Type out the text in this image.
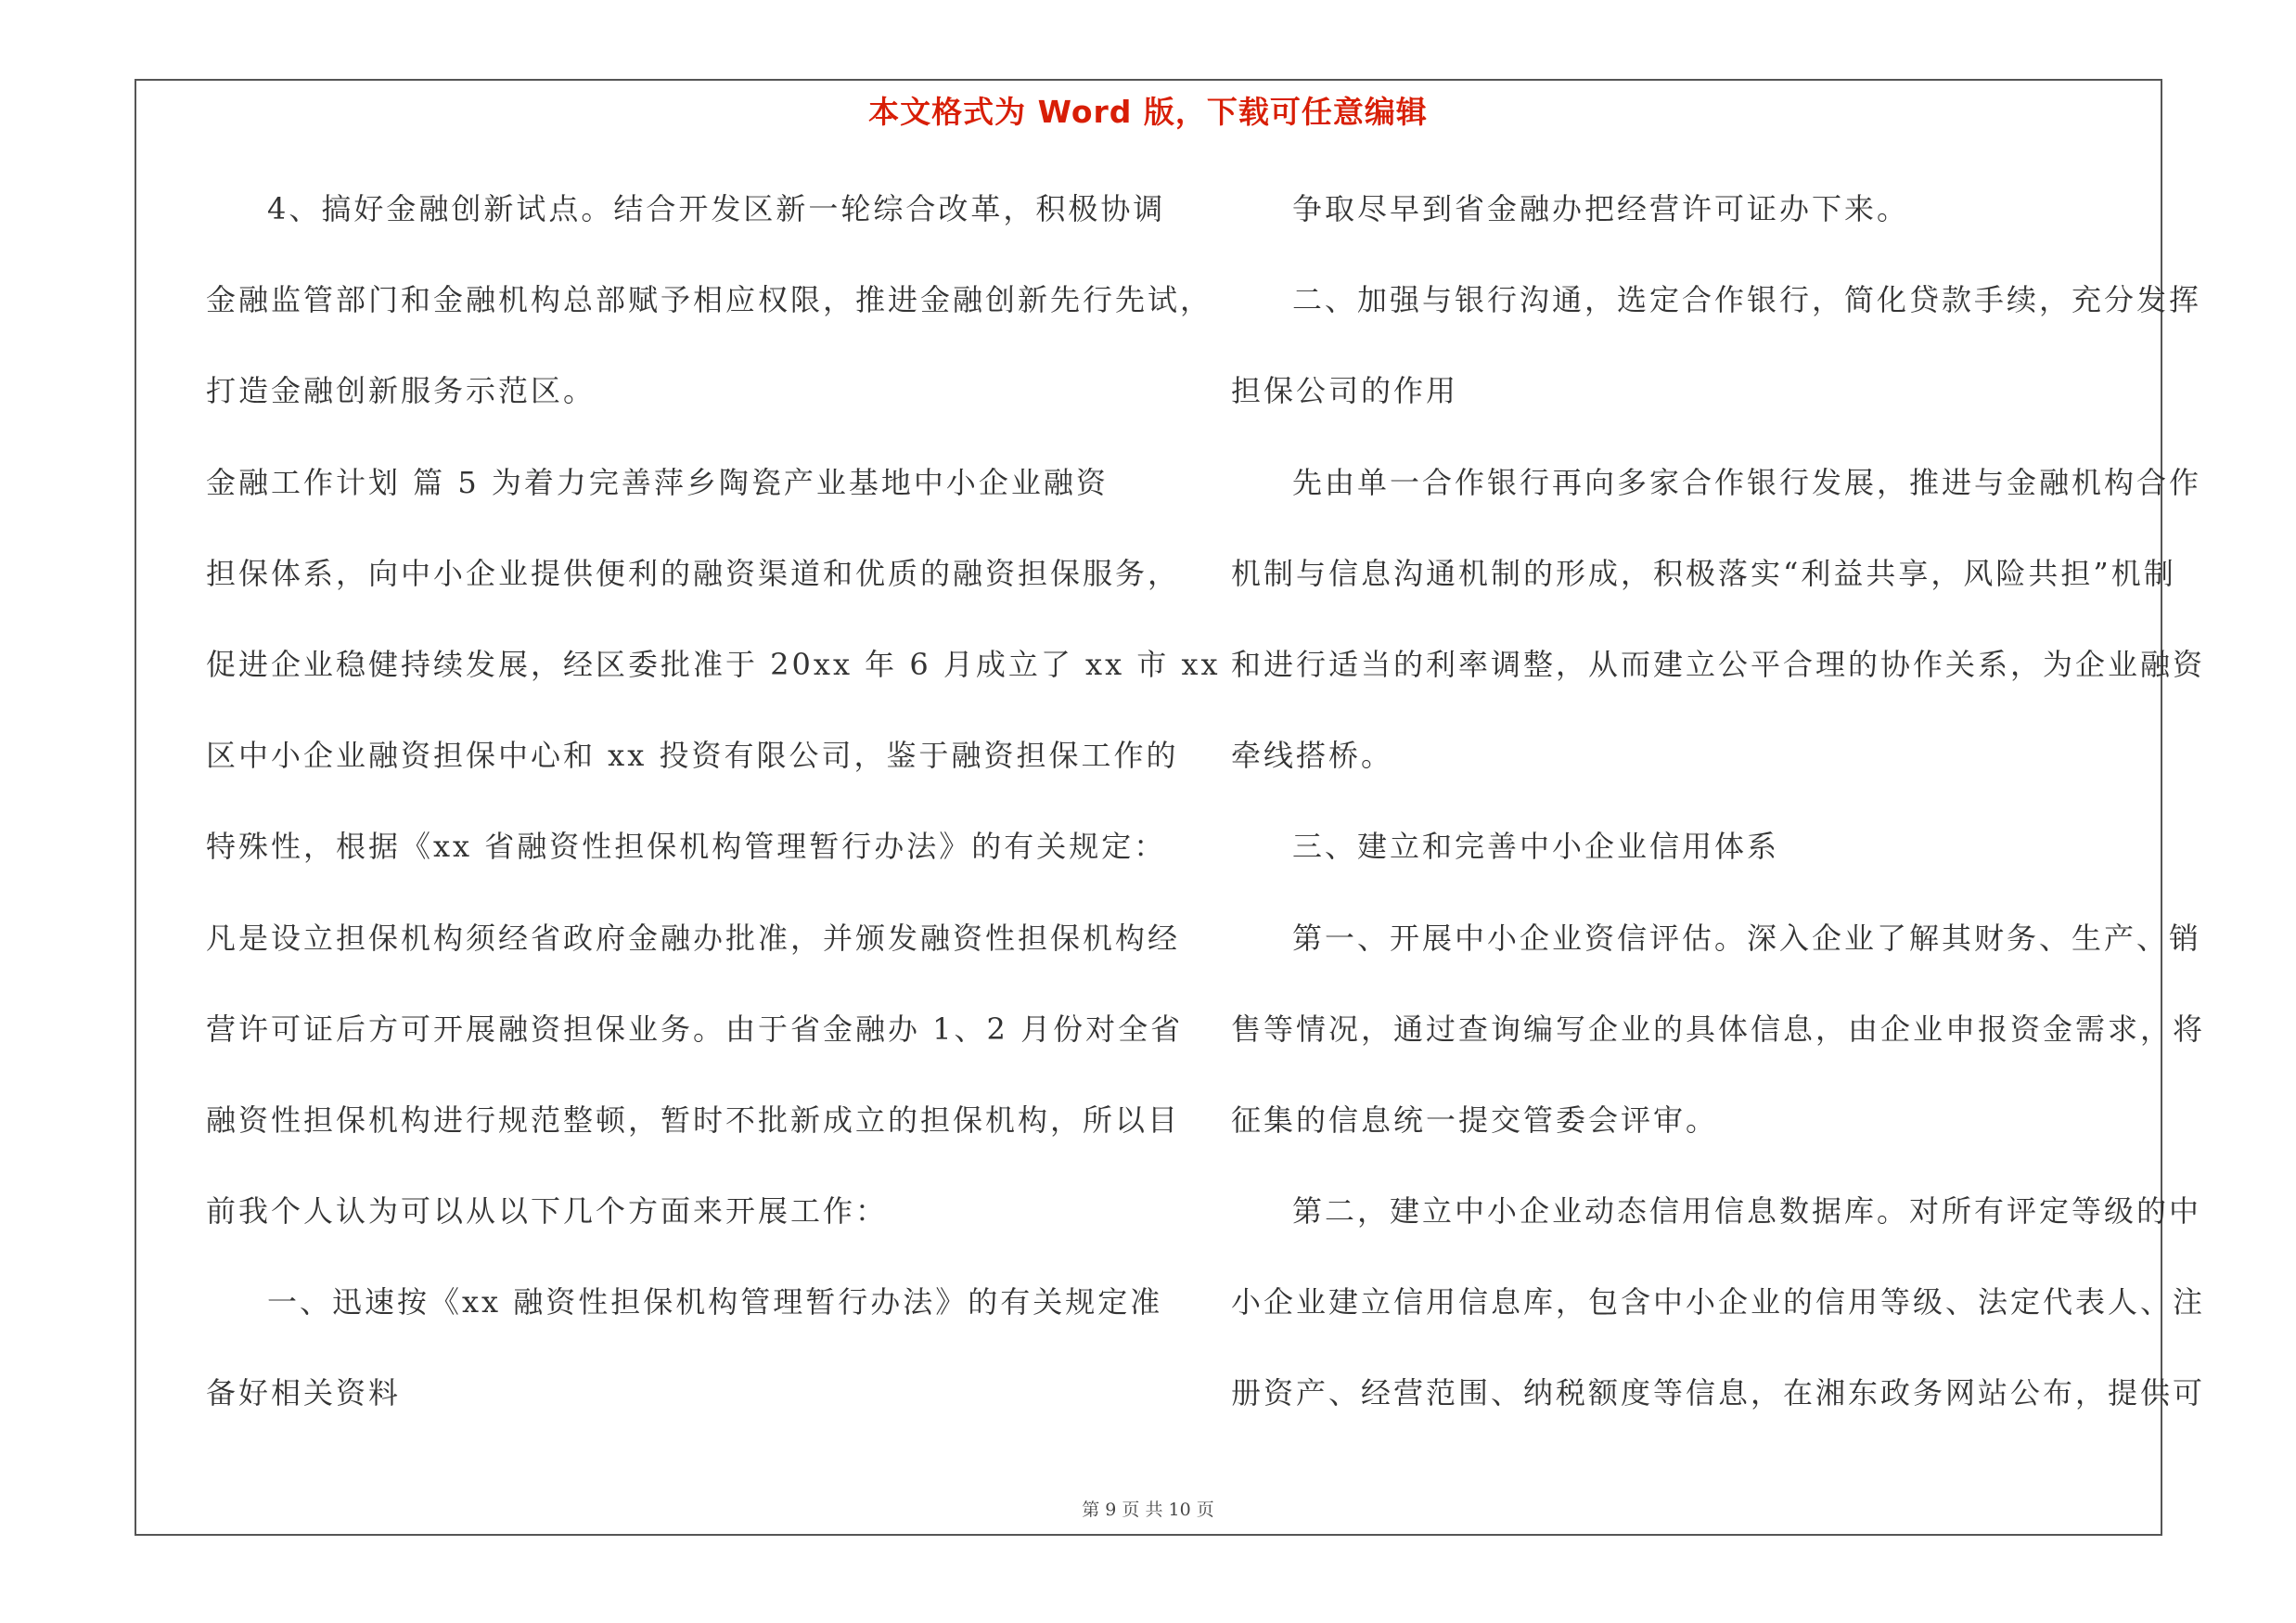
本文格式为 Word 版，下载可任意编辑
4、搞好金融创新试点。结合开发区新一轮综合改革，积极协调
金融监管部门和金融机构总部赋予相应权限，推进金融创新先行先试，
打造金融创新服务示范区。
金融工作计划 篇 5 为着力完善萍乡陶瓷产业基地中小企业融资
担保体系，向中小企业提供便利的融资渠道和优质的融资担保服务，
促进企业稳健持续发展，经区委批准于 20xx 年 6 月成立了 xx 市 xx
区中小企业融资担保中心和 xx 投资有限公司，鉴于融资担保工作的
特殊性，根据《xx 省融资性担保机构管理暂行办法》的有关规定：
凡是设立担保机构须经省政府金融办批准，并颁发融资性担保机构经
营许可证后方可开展融资担保业务。由于省金融办 1、2 月份对全省
融资性担保机构进行规范整顿，暂时不批新成立的担保机构，所以目
前我个人认为可以从以下几个方面来开展工作：
一、迅速按《xx 融资性担保机构管理暂行办法》的有关规定准
备好相关资料
争取尽早到省金融办把经营许可证办下来。
二、加强与银行沟通，选定合作银行，简化贷款手续，充分发挥
担保公司的作用
先由单一合作银行再向多家合作银行发展，推进与金融机构合作
机制与信息沟通机制的形成，积极落实“利益共享，风险共担”机制
和进行适当的利率调整，从而建立公平合理的协作关系，为企业融资
牵线搭桥。
三、建立和完善中小企业信用体系
第一、开展中小企业资信评估。深入企业了解其财务、生产、销
售等情况，通过查询编写企业的具体信息，由企业申报资金需求，将
征集的信息统一提交管委会评审。
第二，建立中小企业动态信用信息数据库。对所有评定等级的中
小企业建立信用信息库，包含中小企业的信用等级、法定代表人、注
册资产、经营范围、纳税额度等信息，在湘东政务网站公布，提供可
第 9 页 共 10 页
